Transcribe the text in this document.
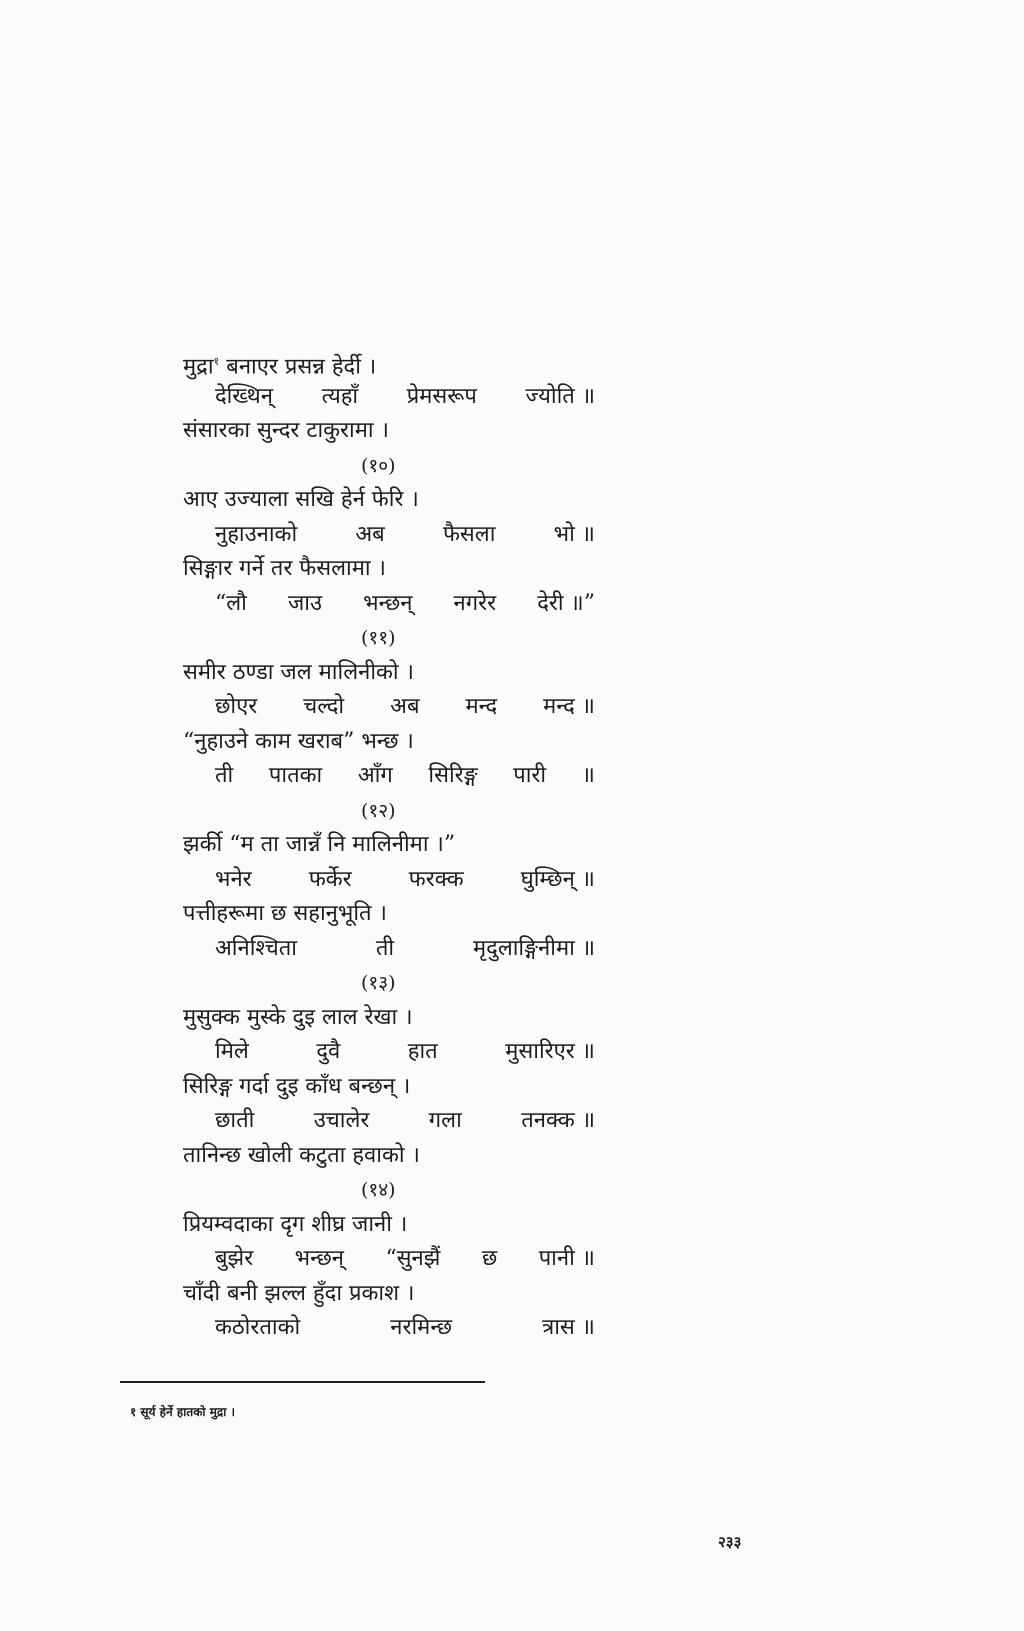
मुद्रा$^१$ बनाएर प्रसन्न हेर्दी ।
देख्थिन् त्यहाँ प्रेमसरूप ज्योति ॥
संसारका सुन्दर टाकुरामा ।
(१०)
आए उज्याला सखि हेर्न फेरि ।
नुहाउनाको	अब	फैसला	भो ॥
सिङ्गार गर्ने तर फैसलामा ।
“लौ जाउ भन्छन् नगरेर देरी ॥”
(११)
समीर ठण्डा जल मालिनीको ।
छोएर चल्दो अब मन्द मन्द ॥
“नुहाउने काम खराब” भन्छ ।
ती पातका आँग सिरिङ्ग पारी ॥
(१२)
झर्की “म ता जान्नँ नि मालिनीमा ।”
भनेर	फर्केर	फरक्क	घुम्छिन् ॥
पत्तीहरूमा छ सहानुभूति ।
अनिश्चिता	ती	मृदुलाङ्गिनीमा ॥
(१३)
मुसुक्क मुस्के दुइ लाल रेखा ।
मिले	दुवै	हात	मुसारिएर ॥
सिरिङ्ग गर्दा दुइ काँध बन्छन् ।
छाती	उचालेर	गला	तनक्क ॥
तानिन्छ खोली कटुता हवाको ।
(१४)
प्रियम्वदाका दृग शीघ्र जानी ।
बुझेर भन्छन् “सुनझैं छ पानी ॥
चाँदी बनी झल्ल हुँदा प्रकाश ।
कठोरताको	नरमिन्छ	त्रास ॥
१ सूर्य हेर्ने हातको मुद्रा ।
२३३
